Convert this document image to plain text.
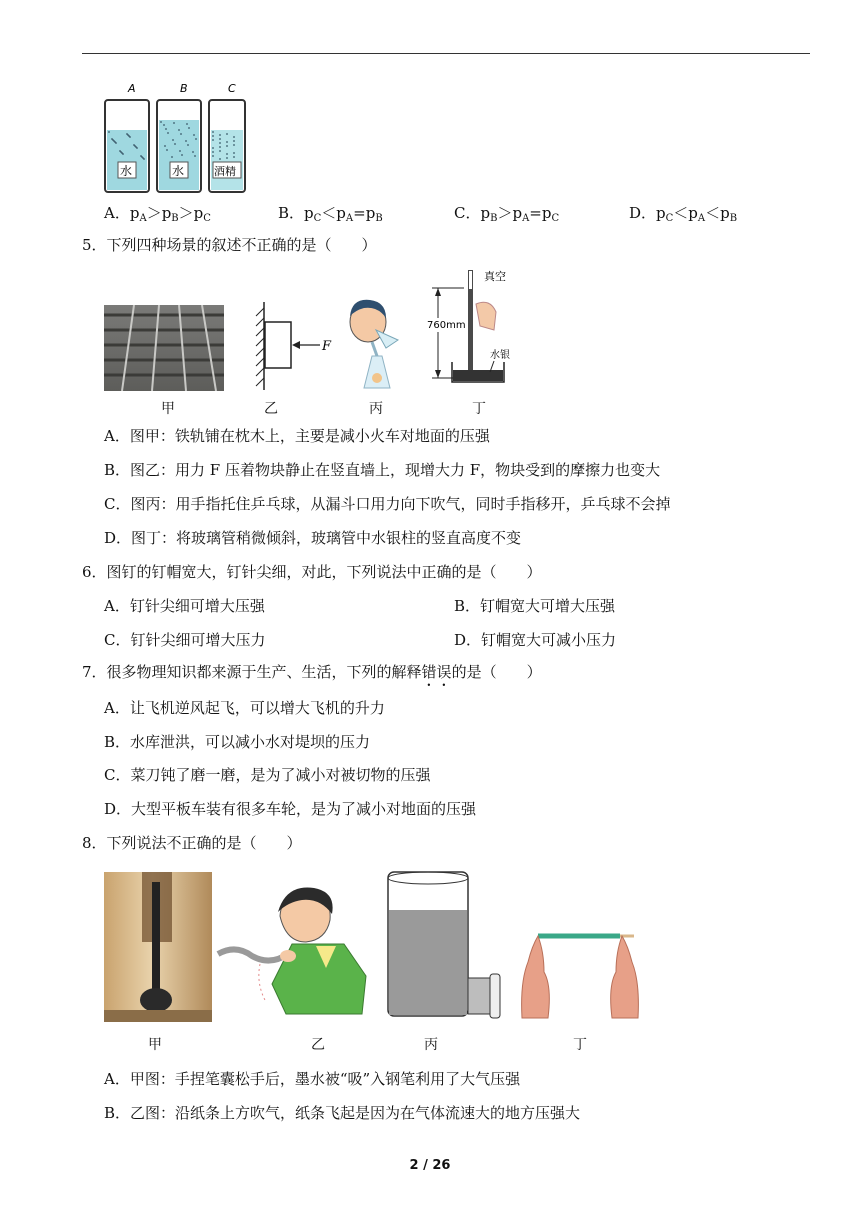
A	B	C
水	水	酒精
A．$p_A>p_B>p_C$	B．$p_C<p_A=p_B$	C．$p_B>p_A=p_C$	D．$p_C<p_A<p_B$
5．下列四种场景的叙述不正确的是（　　）
F
真空
760mm
水银
甲	乙	丙	丁
A．图甲：铁轨铺在枕木上，主要是减小火车对地面的压强
B．图乙：用力 F 压着物块静止在竖直墙上，现增大力 F，物块受到的摩擦力也变大
C．图丙：用手指托住乒乓球，从漏斗口用力向下吹气，同时手指移开，乒乓球不会掉
D．图丁：将玻璃管稍微倾斜，玻璃管中水银柱的竖直高度不变
6．图钉的钉帽宽大，钉针尖细，对此，下列说法中正确的是（　　）
A．钉针尖细可增大压强	B．钉帽宽大可增大压强
C．钉针尖细可增大压力	D．钉帽宽大可减小压力
7．很多物理知识都来源于生产、生活，下列的解释错误的是（　　）
A．让飞机逆风起飞，可以增大飞机的升力
B．水库泄洪，可以减小水对堤坝的压力
C．菜刀钝了磨一磨，是为了减小对被切物的压强
D．大型平板车装有很多车轮，是为了减小对地面的压强
8．下列说法不正确的是（　　）
甲	乙	丙	丁
A．甲图：手捏笔囊松手后，墨水被“吸”入钢笔利用了大气压强
B．乙图：沿纸条上方吹气，纸条飞起是因为在气体流速大的地方压强大
2 / 26
